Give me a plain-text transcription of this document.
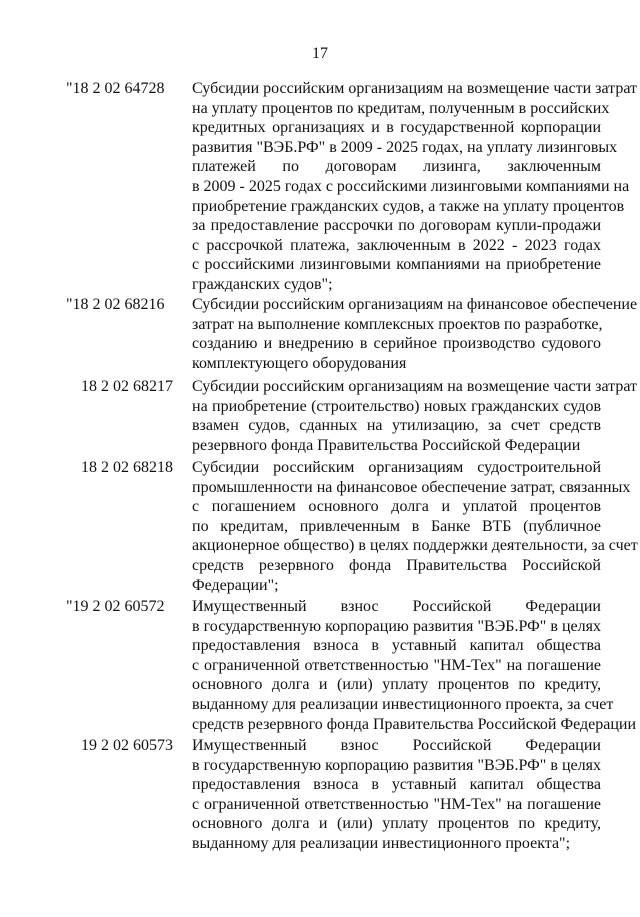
17
"18 2 02 64728	Субсидии российским организациям на возмещение части затрат
на уплату процентов по кредитам, полученным в российских
кредитных организациях и в государственной корпорации
развития "ВЭБ.РФ" в 2009 - 2025 годах, на уплату лизинговых
платежей по договорам лизинга, заключенным
в 2009 - 2025 годах с российскими лизинговыми компаниями на
приобретение гражданских судов, а также на уплату процентов
за предоставление рассрочки по договорам купли-продажи
с рассрочкой платежа, заключенным в 2022 - 2023 годах
с российскими лизинговыми компаниями на приобретение
гражданских судов";
"18 2 02 68216	Субсидии российским организациям на финансовое обеспечение
затрат на выполнение комплексных проектов по разработке,
созданию и внедрению в серийное производство судового
комплектующего оборудования
18 2 02 68217	Субсидии российским организациям на возмещение части затрат
на приобретение (строительство) новых гражданских судов
взамен судов, сданных на утилизацию, за счет средств
резервного фонда Правительства Российской Федерации
18 2 02 68218	Субсидии российским организациям судостроительной
промышленности на финансовое обеспечение затрат, связанных
с погашением основного долга и уплатой процентов
по кредитам, привлеченным в Банке ВТБ (публичное
акционерное общество) в целях поддержки деятельности, за счет
средств резервного фонда Правительства Российской
Федерации";
"19 2 02 60572	Имущественный взнос Российской Федерации
в государственную корпорацию развития "ВЭБ.РФ" в целях
предоставления взноса в уставный капитал общества
с ограниченной ответственностью "НМ-Тех" на погашение
основного долга и (или) уплату процентов по кредиту,
выданному для реализации инвестиционного проекта, за счет
средств резервного фонда Правительства Российской Федерации
19 2 02 60573	Имущественный взнос Российской Федерации
в государственную корпорацию развития "ВЭБ.РФ" в целях
предоставления взноса в уставный капитал общества
с ограниченной ответственностью "НМ-Тех" на погашение
основного долга и (или) уплату процентов по кредиту,
выданному для реализации инвестиционного проекта";
